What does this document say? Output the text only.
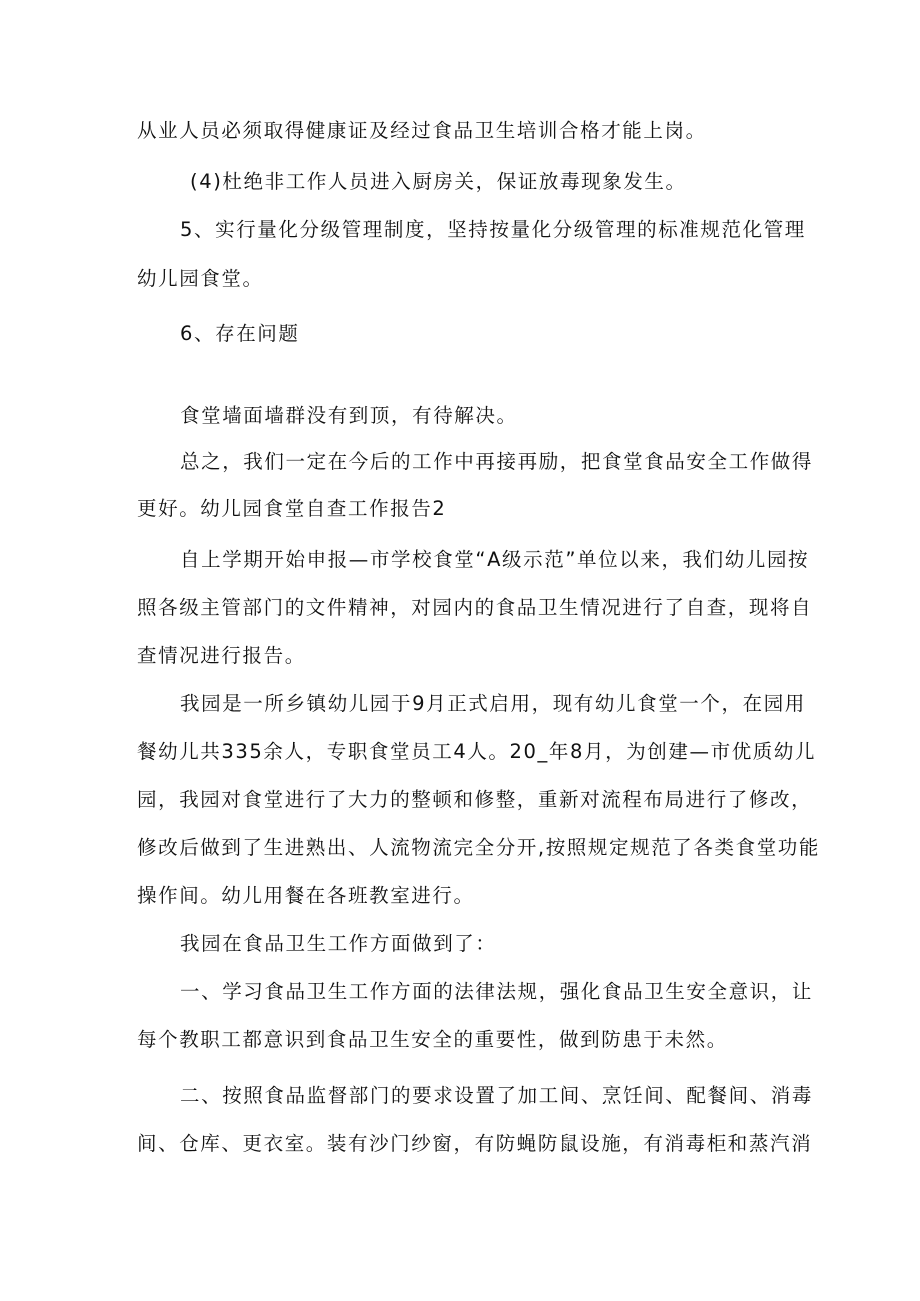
从业人员必须取得健康证及经过食品卫生培训合格才能上岗。
(4)杜绝非工作人员进入厨房关，保证放毒现象发生。
5、实行量化分级管理制度，坚持按量化分级管理的标准规范化管理
幼儿园食堂。
6、存在问题
食堂墙面墙群没有到顶，有待解决。
总之，我们一定在今后的工作中再接再励，把食堂食品安全工作做得
更好。幼儿园食堂自查工作报告2
自上学期开始申报—市学校食堂“A级示范”单位以来，我们幼儿园按
照各级主管部门的文件精神，对园内的食品卫生情况进行了自查，现将自
查情况进行报告。
我园是一所乡镇幼儿园于9月正式启用，现有幼儿食堂一个，在园用
餐幼儿共335余人，专职食堂员工4人。20_年8月，为创建—市优质幼儿
园，我园对食堂进行了大力的整顿和修整，重新对流程布局进行了修改，
修改后做到了生进熟出、人流物流完全分开,按照规定规范了各类食堂功能
操作间。幼儿用餐在各班教室进行。
我园在食品卫生工作方面做到了：
一、学习食品卫生工作方面的法律法规，强化食品卫生安全意识，让
每个教职工都意识到食品卫生安全的重要性，做到防患于未然。
二、按照食品监督部门的要求设置了加工间、烹饪间、配餐间、消毒
间、仓库、更衣室。装有沙门纱窗，有防蝇防鼠设施，有消毒柜和蒸汽消
